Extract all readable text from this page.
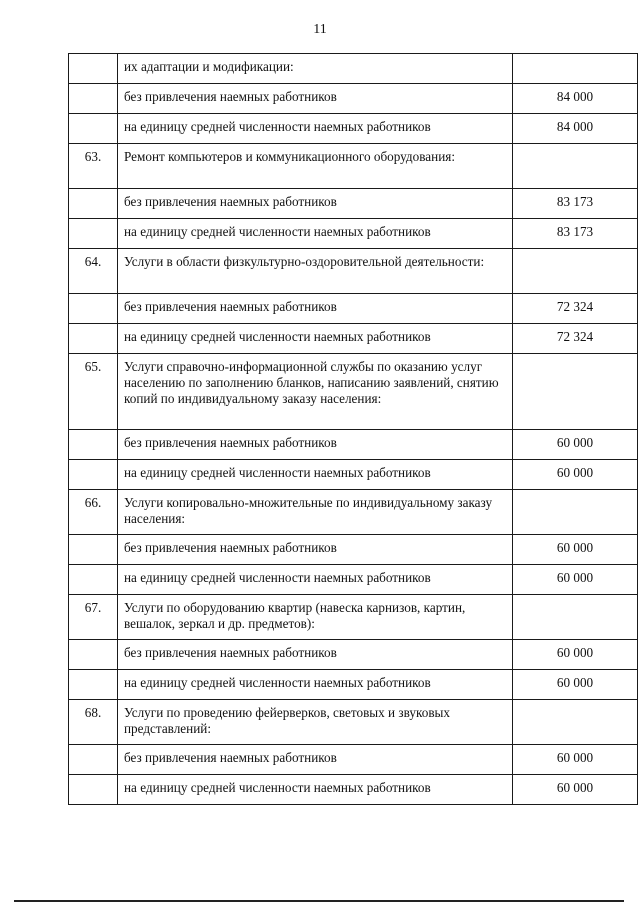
11
	их адаптации и модификации:	
	без привлечения наемных работников	84 000
	на единицу средней численности наемных работников	84 000
63.	Ремонт компьютеров и коммуникационного оборудования:	
	без привлечения наемных работников	83 173
	на единицу средней численности наемных работников	83 173
64.	Услуги в области физкультурно-оздоровительной деятельности:	
	без привлечения наемных работников	72 324
	на единицу средней численности наемных работников	72 324
65.	Услуги справочно-информационной службы по оказанию услуг населению по заполнению бланков, написанию заявлений, снятию копий по индивидуальному заказу населения:	
	без привлечения наемных работников	60 000
	на единицу средней численности наемных работников	60 000
66.	Услуги копировально-множительные по индивидуальному заказу населения:	
	без привлечения наемных работников	60 000
	на единицу средней численности наемных работников	60 000
67.	Услуги по оборудованию квартир (навеска карнизов, картин, вешалок, зеркал и др. предметов):	
	без привлечения наемных работников	60 000
	на единицу средней численности наемных работников	60 000
68.	Услуги по проведению фейерверков, световых и звуковых представлений:	
	без привлечения наемных работников	60 000
	на единицу средней численности наемных работников	60 000
